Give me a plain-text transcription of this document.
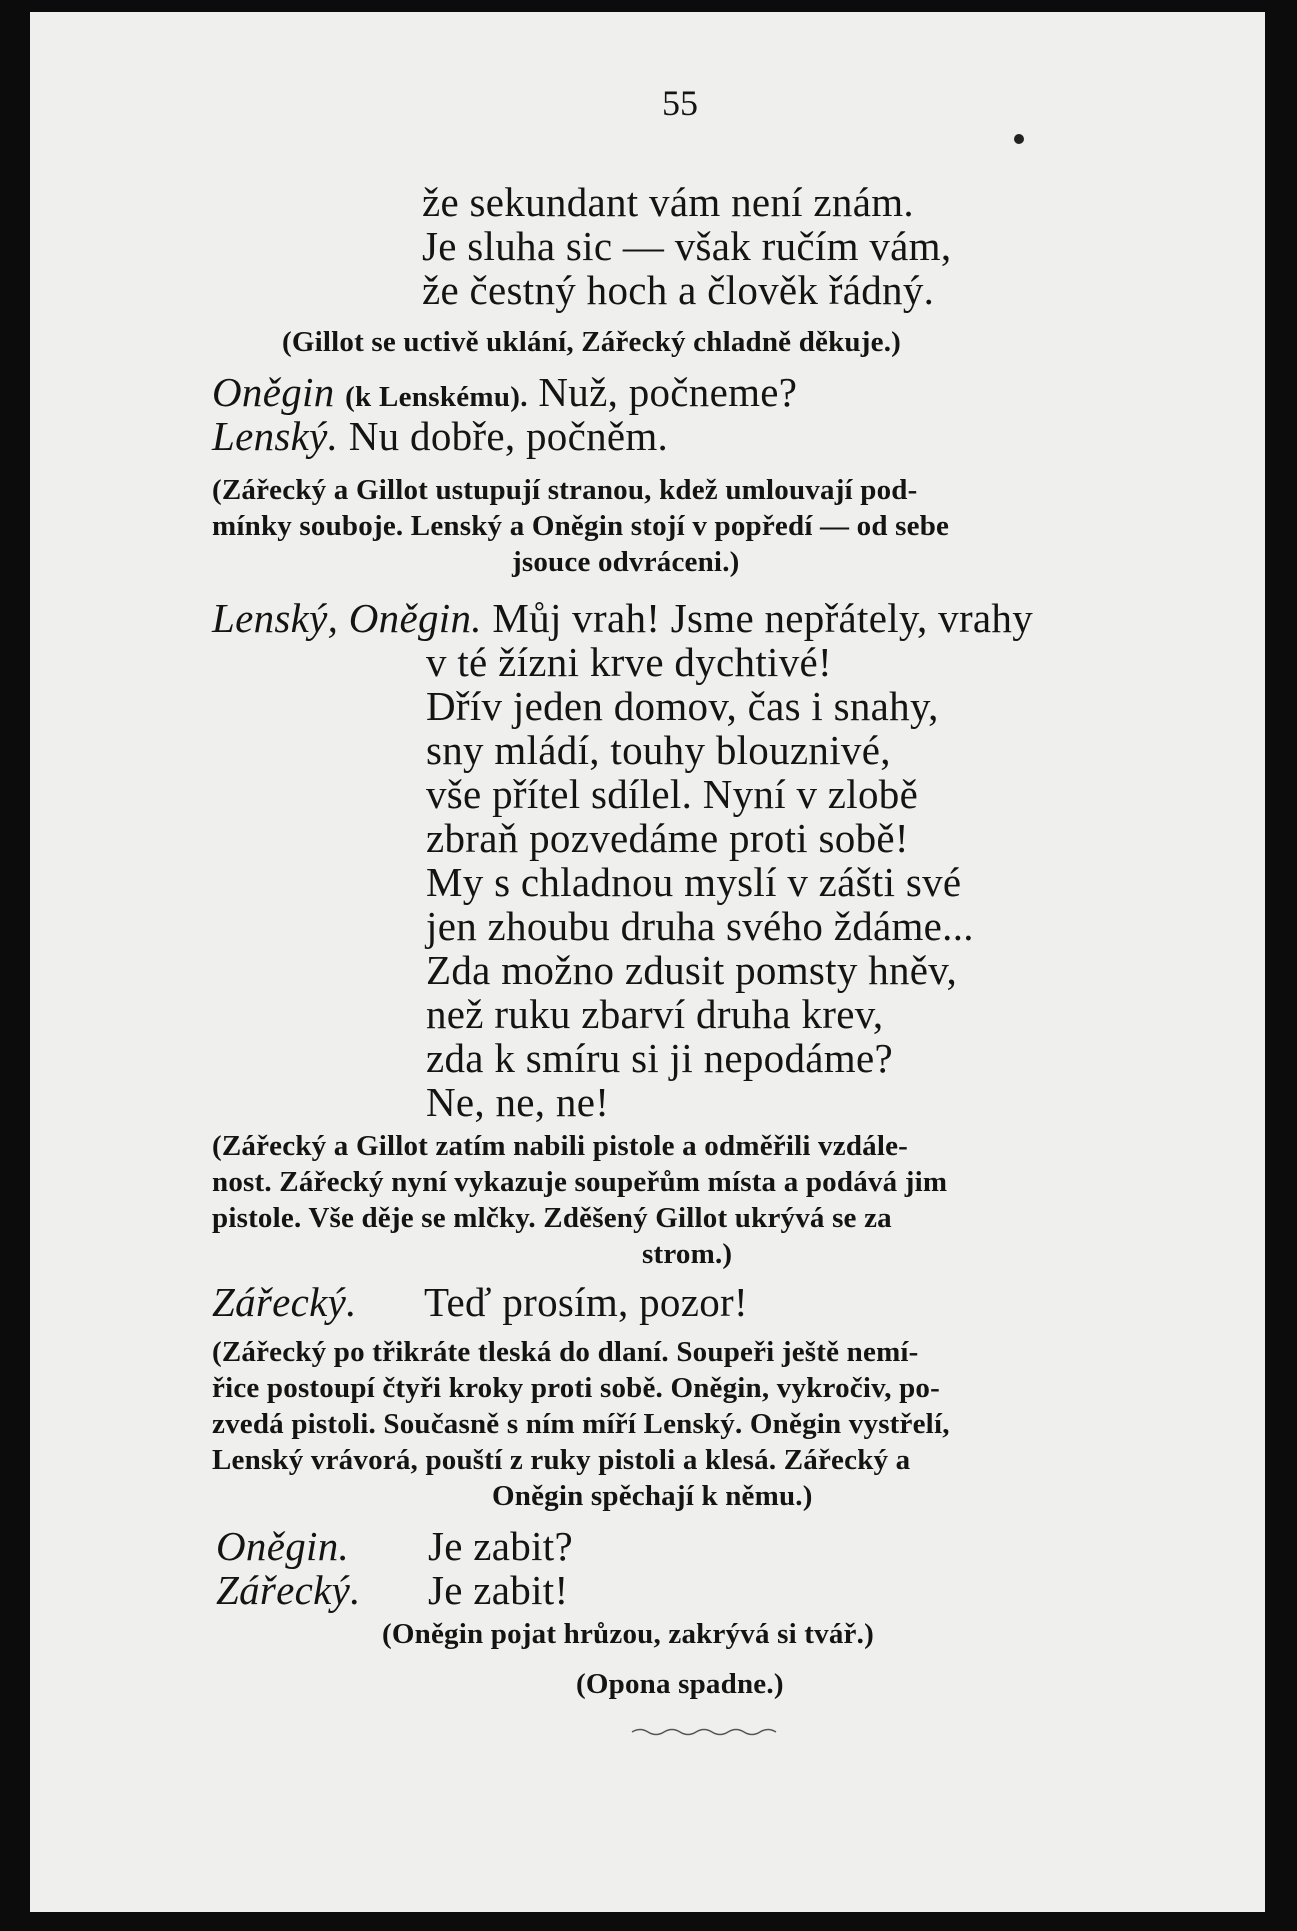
55
že sekundant vám není znám.
Je sluha sic — však ručím vám,
že čestný hoch a člověk řádný.
(Gillot se uctivě uklání, Zářecký chladně děkuje.)
Oněgin (k Lenskému). Nuž, počneme?
Lenský. Nu dobře, počněm.
(Zářecký a Gillot ustupují stranou, kdež umlouvají pod-
mínky souboje. Lenský a Oněgin stojí v popředí — od sebe
jsouce odvráceni.)
Lenský, Oněgin. Můj vrah! Jsme nepřátely, vrahy
v té žízni krve dychtivé!
Dřív jeden domov, čas i snahy,
sny mládí, touhy blouznivé,
vše přítel sdílel. Nyní v zlobě
zbraň pozvedáme proti sobě!
My s chladnou myslí v zášti své
jen zhoubu druha svého ždáme...
Zda možno zdusit pomsty hněv,
než ruku zbarví druha krev,
zda k smíru si ji nepodáme?
Ne, ne, ne!
(Zářecký a Gillot zatím nabili pistole a odměřili vzdále-
nost. Zářecký nyní vykazuje soupeřům místa a podává jim
pistole. Vše děje se mlčky. Zděšený Gillot ukrývá se za
strom.)
Zářecký. Teď prosím, pozor!
(Zářecký po třikráte tleská do dlaní. Soupeři ještě nemí-
řice postoupí čtyři kroky proti sobě. Oněgin, vykročiv, po-
zvedá pistoli. Současně s ním míří Lenský. Oněgin vystřelí,
Lenský vrávorá, pouští z ruky pistoli a klesá. Zářecký a
Oněgin spěchají k němu.)
Oněgin. Je zabit?
Zářecký. Je zabit!
(Oněgin pojat hrůzou, zakrývá si tvář.)
(Opona spadne.)
